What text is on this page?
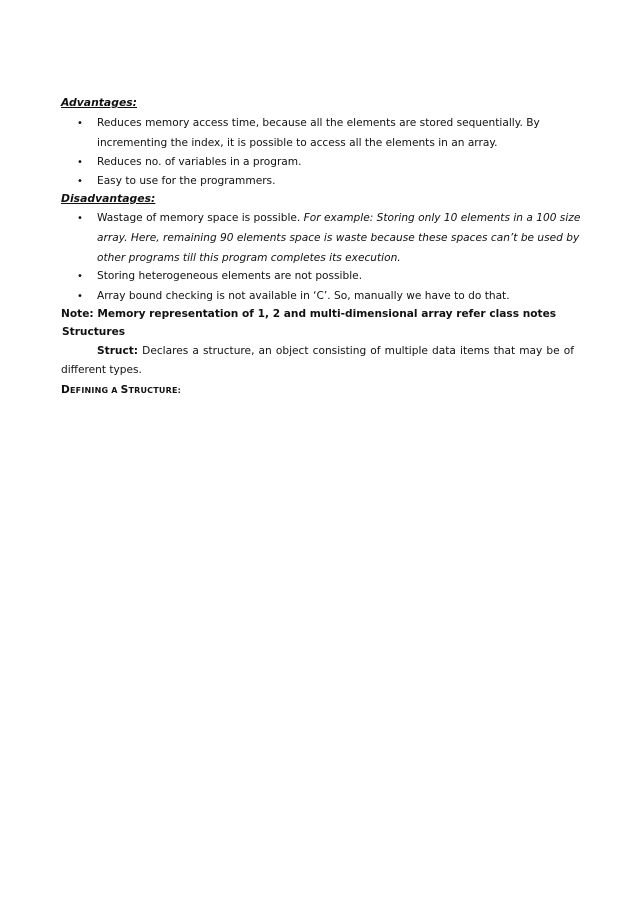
Advantages:
• Reduces memory access time, because all the elements are stored sequentially. By
incrementing the index, it is possible to access all the elements in an array.
• Reduces no. of variables in a program.
• Easy to use for the programmers.
Disadvantages:
• Wastage of memory space is possible. For example: Storing only 10 elements in a 100 size
array. Here, remaining 90 elements space is waste because these spaces can’t be used by
other programs till this program completes its execution.
• Storing heterogeneous elements are not possible.
• Array bound checking is not available in ‘C’. So, manually we have to do that.
Note: Memory representation of 1, 2 and multi-dimensional array refer class notes
Structures
Struct: Declares a structure, an object consisting of multiple data items that may be of
different types.
DEFINING A STRUCTURE:
